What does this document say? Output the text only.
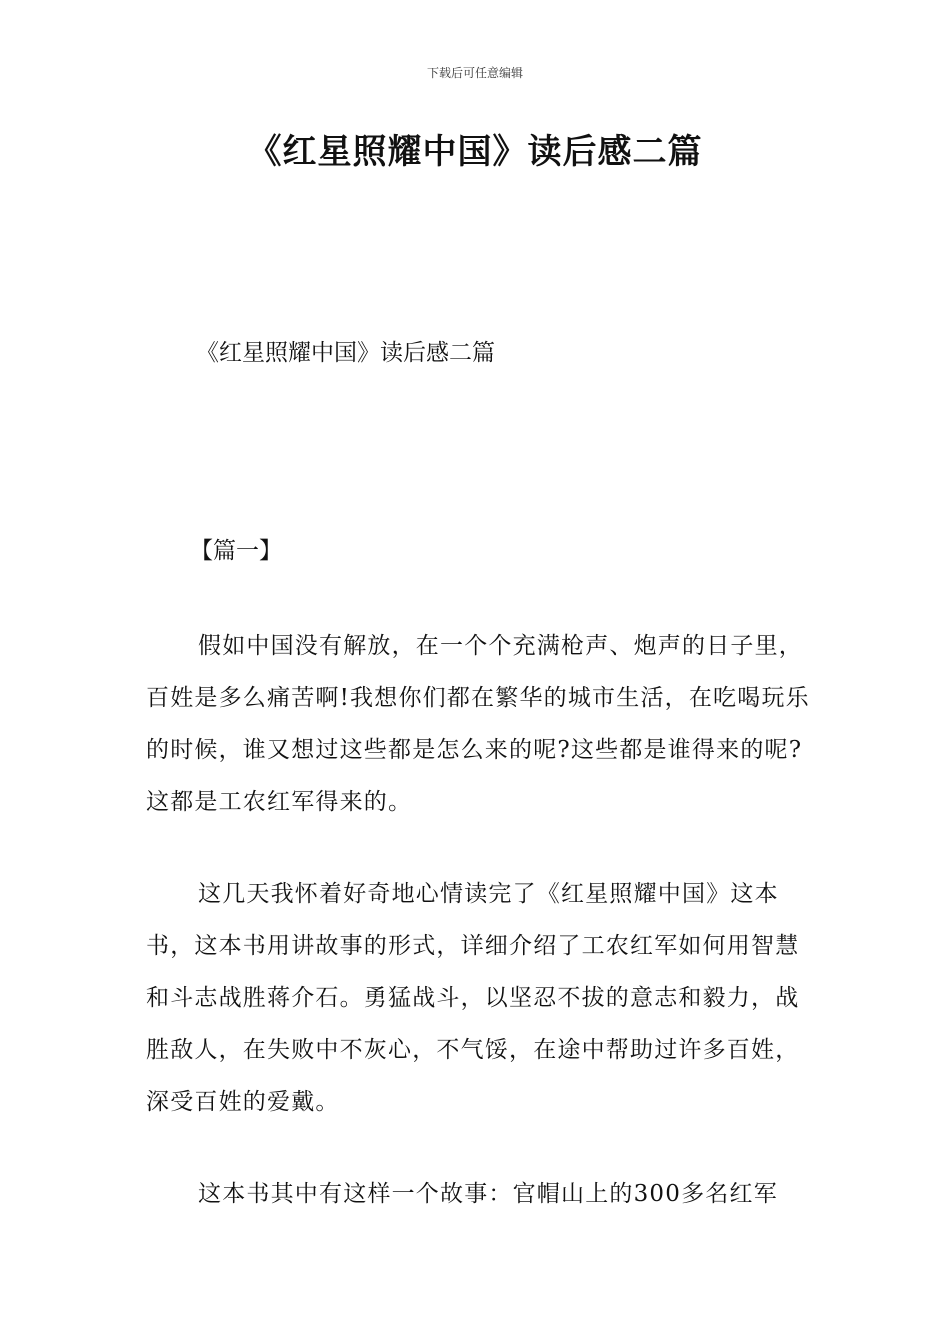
下载后可任意编辑
《红星照耀中国》读后感二篇
《红星照耀中国》读后感二篇
【篇一】
假如中国没有解放，在一个个充满枪声、炮声的日子里，百姓是多么痛苦啊!我想你们都在繁华的城市生活，在吃喝玩乐的时候，谁又想过这些都是怎么来的呢?这些都是谁得来的呢?这都是工农红军得来的。
这几天我怀着好奇地心情读完了《红星照耀中国》这本书，这本书用讲故事的形式，详细介绍了工农红军如何用智慧和斗志战胜蒋介石。勇猛战斗，以坚忍不拔的意志和毅力，战胜敌人，在失败中不灰心，不气馁，在途中帮助过许多百姓，深受百姓的爱戴。
这本书其中有这样一个故事：官帽山上的300多名红军
